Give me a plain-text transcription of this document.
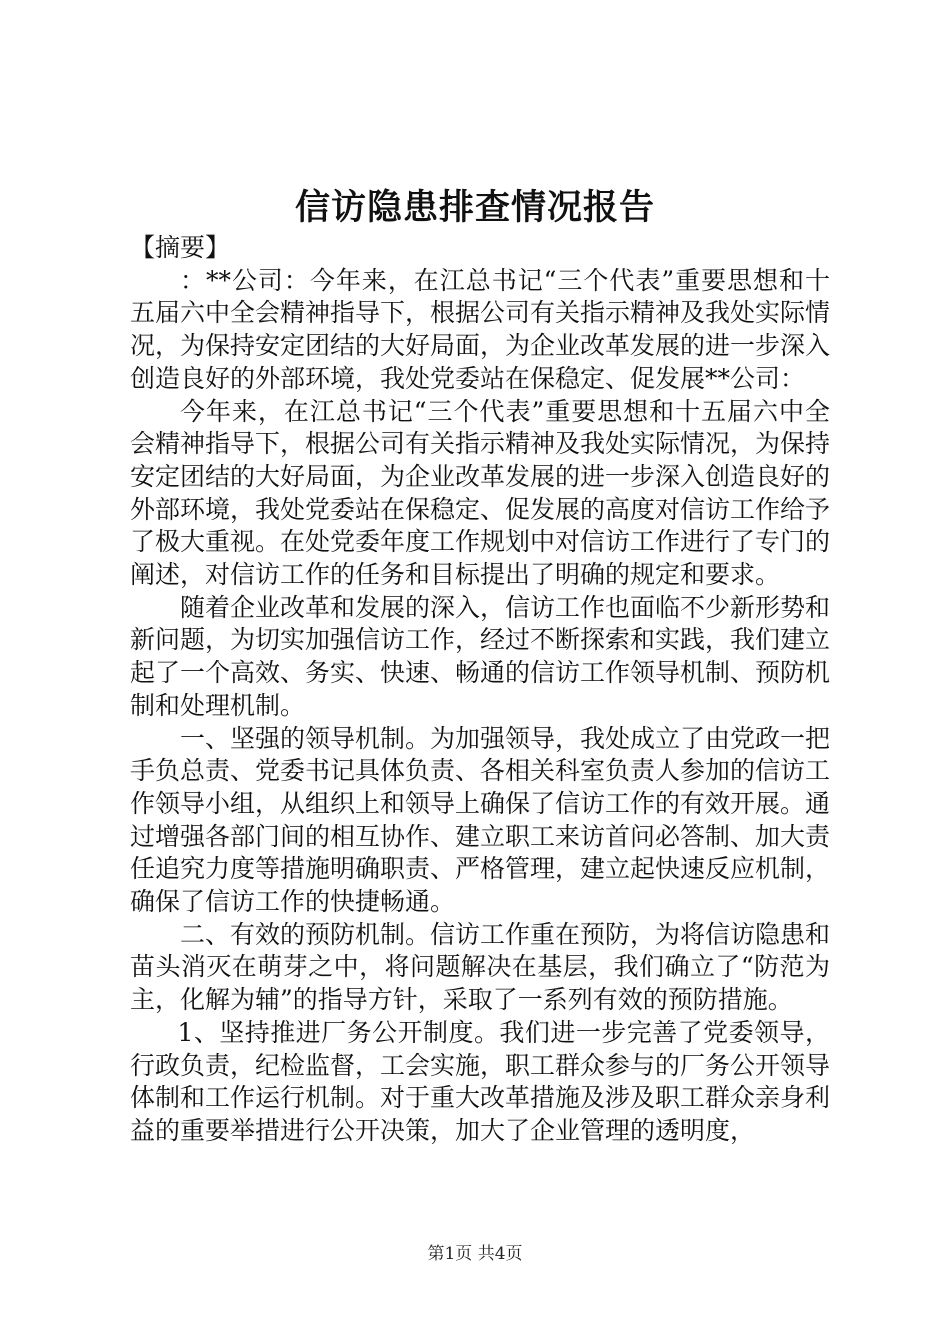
信访隐患排查情况报告

【摘要】

：**公司：今年来，在江总书记“三个代表”重要思想和十五届六中全会精神指导下，根据公司有关指示精神及我处实际情况，为保持安定团结的大好局面，为企业改革发展的进一步深入创造良好的外部环境，我处党委站在保稳定、促发展**公司：

今年来，在江总书记“三个代表”重要思想和十五届六中全会精神指导下，根据公司有关指示精神及我处实际情况，为保持安定团结的大好局面，为企业改革发展的进一步深入创造良好的外部环境，我处党委站在保稳定、促发展的高度对信访工作给予了极大重视。在处党委年度工作规划中对信访工作进行了专门的阐述，对信访工作的任务和目标提出了明确的规定和要求。

随着企业改革和发展的深入，信访工作也面临不少新形势和新问题，为切实加强信访工作，经过不断探索和实践，我们建立起了一个高效、务实、快速、畅通的信访工作领导机制、预防机制和处理机制。

一、坚强的领导机制。为加强领导，我处成立了由党政一把手负总责、党委书记具体负责、各相关科室负责人参加的信访工作领导小组，从组织上和领导上确保了信访工作的有效开展。通过增强各部门间的相互协作、建立职工来访首问必答制、加大责任追究力度等措施明确职责、严格管理，建立起快速反应机制，确保了信访工作的快捷畅通。

二、有效的预防机制。信访工作重在预防，为将信访隐患和苗头消灭在萌芽之中，将问题解决在基层，我们确立了“防范为主，化解为辅”的指导方针，采取了一系列有效的预防措施。

1、坚持推进厂务公开制度。我们进一步完善了党委领导，行政负责，纪检监督，工会实施，职工群众参与的厂务公开领导体制和工作运行机制。对于重大改革措施及涉及职工群众亲身利益的重要举措进行公开决策，加大了企业管理的透明度，

第1页 共4页
